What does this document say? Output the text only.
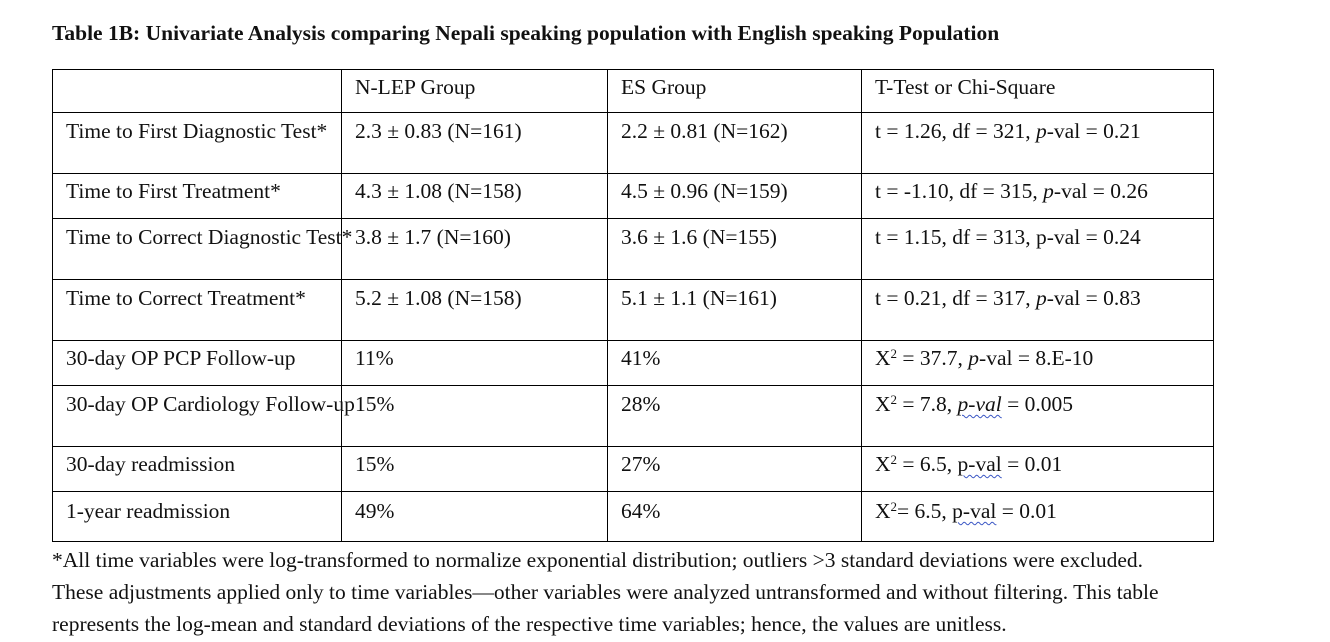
Table 1B: Univariate Analysis comparing Nepali speaking population with English speaking Population
	N-LEP Group	ES Group	T-Test or Chi-Square
Time to First Diagnostic Test*	2.3 ± 0.83 (N=161)	2.2 ± 0.81 (N=162)	t = 1.26, df = 321, p-val = 0.21
Time to First Treatment*	4.3 ± 1.08 (N=158)	4.5 ± 0.96 (N=159)	t = -1.10, df = 315, p-val = 0.26
Time to Correct Diagnostic Test*	3.8 ± 1.7 (N=160)	3.6 ± 1.6 (N=155)	t = 1.15, df = 313, p-val = 0.24
Time to Correct Treatment*	5.2 ± 1.08 (N=158)	5.1 ± 1.1 (N=161)	t = 0.21, df = 317, p-val = 0.83
30-day OP PCP Follow-up	11%	41%	$X^2 = 37.7$, p-val = 8.E-10
30-day OP Cardiology Follow-up	15%	28%	$X^2 = 7.8$, p-val = 0.005
30-day readmission	15%	27%	$X^2 = 6.5$, p-val = 0.01
1-year readmission	49%	64%	$X^2= 6.5$, p-val = 0.01

*All time variables were log-transformed to normalize exponential distribution; outliers >3 standard deviations were excluded.

These adjustments applied only to time variables—other variables were analyzed untransformed and without filtering. This table

represents the log-mean and standard deviations of the respective time variables; hence, the values are unitless.
